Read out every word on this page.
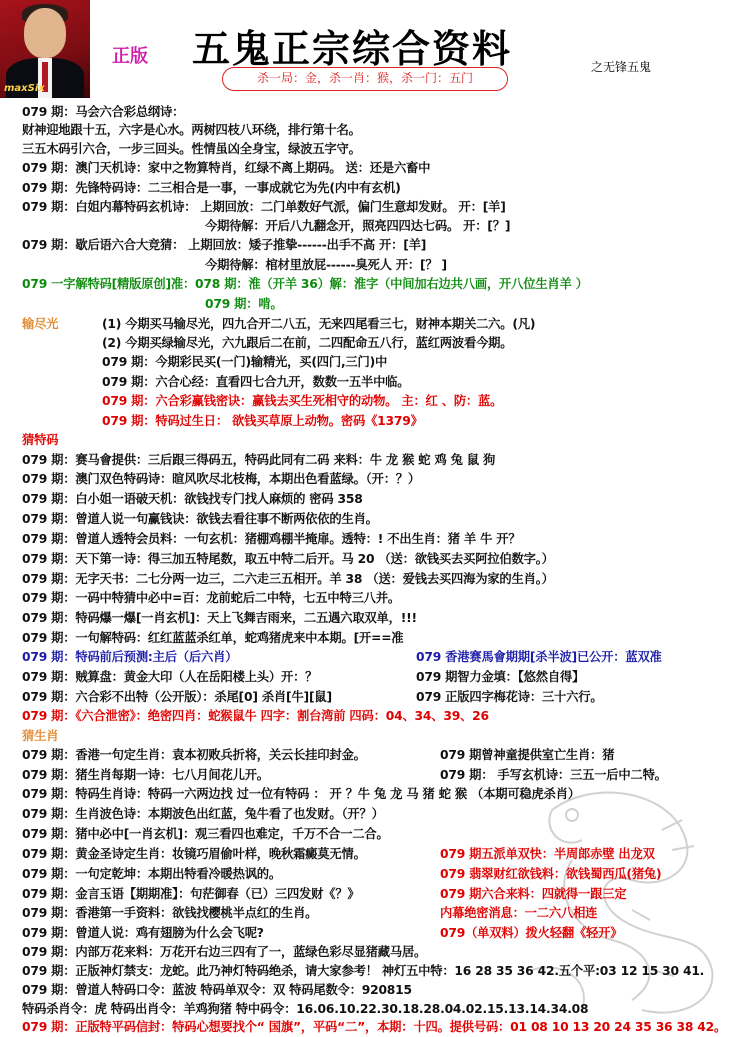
maxSix
正版 五鬼正宗综合资料
杀一局：金，杀一肖：猴，杀一门：五门
之无锋五鬼
079 期：马会六合彩总纲诗：
财神迎地跟十五，六字是心水。两树四枝八环绕，排行第十名。
三五木码引六合，一步三回头。性情虽凶全身宝，绿波五字守。
079 期：澳门天机诗：家中之物算特肖，红绿不离上期码。 送：还是六畜中
079 期：先锋特码诗：二三相合是一事，一事成就它为先(内中有玄机)
079 期：白姐内幕特码玄机诗： 上期回放：二门单数好气派，偏门生意却发财。 开：[羊]
今期待解：开后八九翻念开，照亮四四达七码。 开：[？]
079 期：歇后语六合大竞猜： 上期回放：矮子推挚------出手不高 开：[羊]
今期待解：棺材里放屁------臭死人 开：[？ ]
079 一字解特码[精版原创]准：078 期：淮（开羊 36）解：淮字（中间加右边共八画，开八位生肖羊 ）
079 期：啃。
输尽光	(1) 今期买马输尽光，四九合开二八五，无来四尾看三七，财神本期关二六。(凡)
(2) 今期买绿输尽光，六九跟后二在前，二四配命五八行，蓝红两波看今期。
079 期：今期彩民买(一门)输精光，买(四门,三门)中
079 期：六合心经：直看四七合九开，数数一五半中临。
079 期：六合彩赢钱密诀：赢钱去买生死相守的动物。 主：红 、防：蓝。
079 期：特码过生日： 欲钱买草原上动物。密码《1379》
猜特码
079 期：赛马會提供：三后跟三得码五，特码此同有二码 来料：牛 龙 猴 蛇 鸡 兔 鼠 狗
079 期：澳门双色特码诗：暄风吹尽北枝梅，本期出色看蓝绿。（开：？）
079 期：白小姐一语破天机：欲钱找专门找人麻烦的 密码 358
079 期：曾道人说一句赢钱诀：欲钱去看往事不断两依依的生肖。
079 期：曾道人透特会员料：一句玄机：猪棚鸡棚半掩扉。透特：! 不出生肖：猪 羊 牛 开？
079 期：天下第一诗：得三加五特尾数，取五中特二后开。马 20 （送：欲钱买去买阿拉伯数字。）
079 期：无字天书：二七分两一边三，二六走三五相开。羊 38 （送：爱钱去买四海为家的生肖。）
079 期：一码中特猜中必中=百：龙前蛇后二中特，七五中特三八并。
079 期：特码爆一爆[一肖玄机]：天上飞舞吉雨来，二五遇六取双单，!!!
079 期：一句解特码：红红蓝蓝杀红单，蛇鸡猪虎来中本期。[开==准
079 期：特码前后预测:主后（后六肖）	079 香港赛馬會期期[杀半波]已公开：蓝双准
079 期：贼算盘：黄金大印（人在岳阳楼上头）开：？	079 期智力金填：【悠然自得】
079 期：六合彩不出特（公开版）：杀尾[0] 杀肖[牛][鼠]	079 正版四字梅花诗：三十六行。
079 期：《六合泄密》：绝密四肖：蛇猴鼠牛 四字：割台湾前 四码：04、34、39、26
猜生肖
079 期：香港一句定生肖：袁本初败兵折将，关云长挂印封金。	079 期曾神童提供室亡生肖：猪
079 期：猪生肖每期一诗：七八月间花儿开。	079 期： 手写玄机诗：三五一后中二特。
079 期：特码生肖诗：特码一六两边找 过一位有特码 ： 开 ？牛 兔 龙 马 猪 蛇 猴 （本期可稳虎杀肖）
079 期：生肖波色诗：本期波色出红蓝，兔牛看了也发财。（开？）
079 期：猪中必中[一肖玄机]：观三看四也难定，千万不合一二合。
079 期：黄金圣诗定生肖：妆镜巧眉偷叶样，晚秋霜癜莫无情。	079 期五派单双快：半周郎赤壁 出龙双
079 期：一句定乾坤：本期出特看冷暖热讽的。	079 翡翠财红欲钱料：欲钱蜀西瓜(猪兔)
079 期：金言玉语【期期准】：句茫御春（已）三四发财《？》	079 期六合来料：四就得一跟三定
079 期：香港第一手资料：欲钱找樱桃半点红的生肖。	内幕绝密消息：一二六八相连
079 期：曾道人说：鸡有翅膀为什么会飞呢?	079（单双料）拨火轻翻《轻开》
079 期：内部万花来料：万花开右边三四有了一，蓝绿色彩尽显猪藏马居。
079 期：正版神灯禁支：龙蛇。此乃神灯特码绝杀，请大家参考！ 神灯五中特：16 28 35 36 42.五个平:03 12 15 30 41.
079 期：曾道人特码口令：蓝波 特码单双令：双 特码尾数令：920815
特码杀肖令：虎 特码出肖令：羊鸡狗猪 特中码令：16.06.10.22.30.18.28.04.02.15.13.14.34.08
079 期：正版特平码信封：特码心想要找个“ 国旗”，平码“二”，本期：十四。提供号码：01 08 10 13 20 24 35 36 38 42。
